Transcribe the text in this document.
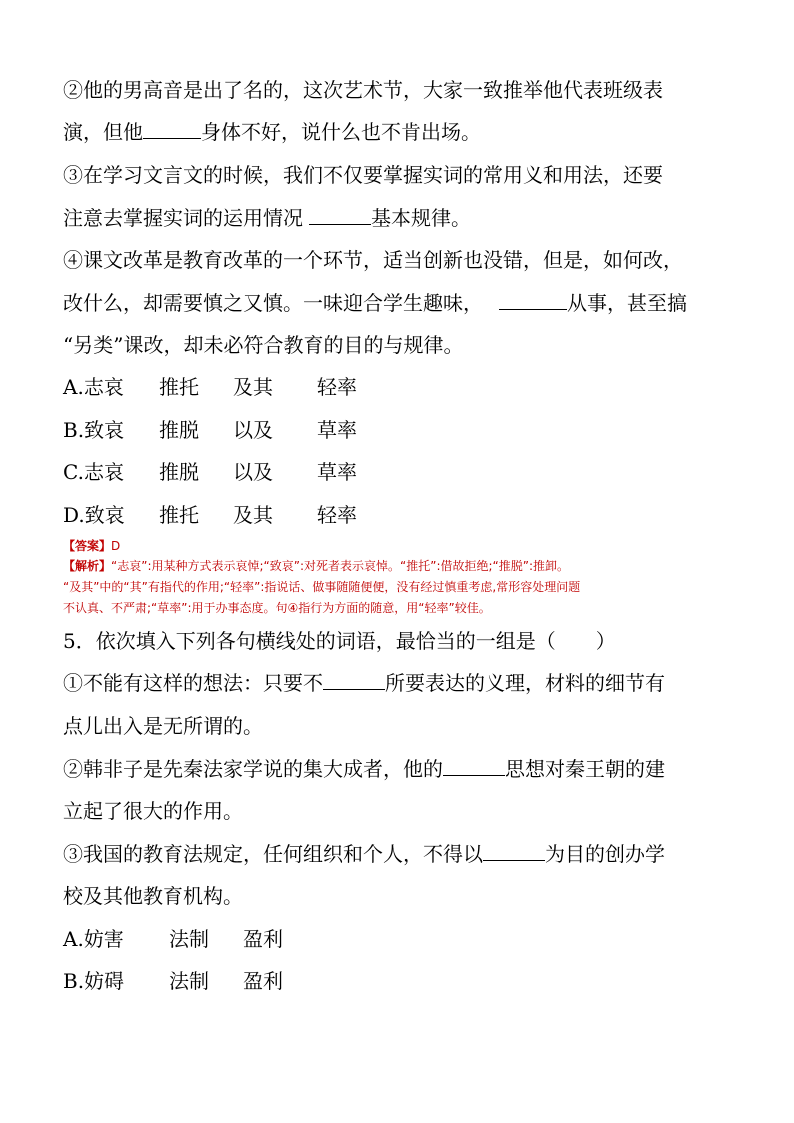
②他的男高音是出了名的，这次艺术节，大家一致推举他代表班级表
演，但他	身体不好，说什么也不肯出场。
③在学习文言文的时候，我们不仅要掌握实词的常用义和用法，还要
注意去掌握实词的运用情况	基本规律。
④课文改革是教育改革的一个环节，适当创新也没错，但是，如何改，
改什么，却需要慎之又慎。一味迎合学生趣味，	从事，甚至搞
“另类”课改，却未必符合教育的目的与规律。
A.志哀 推托 及其 轻率
B.致哀 推脱 以及 草率
C.志哀 推脱 以及 草率
D.致哀 推托 及其 轻率
【答案】D
【解析】“志哀”:用某种方式表示哀悼;“致哀”:对死者表示哀悼。“推托”:借故拒绝;“推脱”:推卸。
“及其”中的“其”有指代的作用;“轻率”:指说话、做事随随便便，没有经过慎重考虑,常形容处理问题
不认真、不严肃;“草率”:用于办事态度。句④指行为方面的随意，用“轻率”较佳。
5．依次填入下列各句横线处的词语，最恰当的一组是（　　）
①不能有这样的想法：只要不	所要表达的义理，材料的细节有
点儿出入是无所谓的。
②韩非子是先秦法家学说的集大成者，他的	思想对秦王朝的建
立起了很大的作用。
③我国的教育法规定，任何组织和个人，不得以	为目的创办学
校及其他教育机构。
A.妨害 法制 盈利
B.妨碍 法制 盈利
